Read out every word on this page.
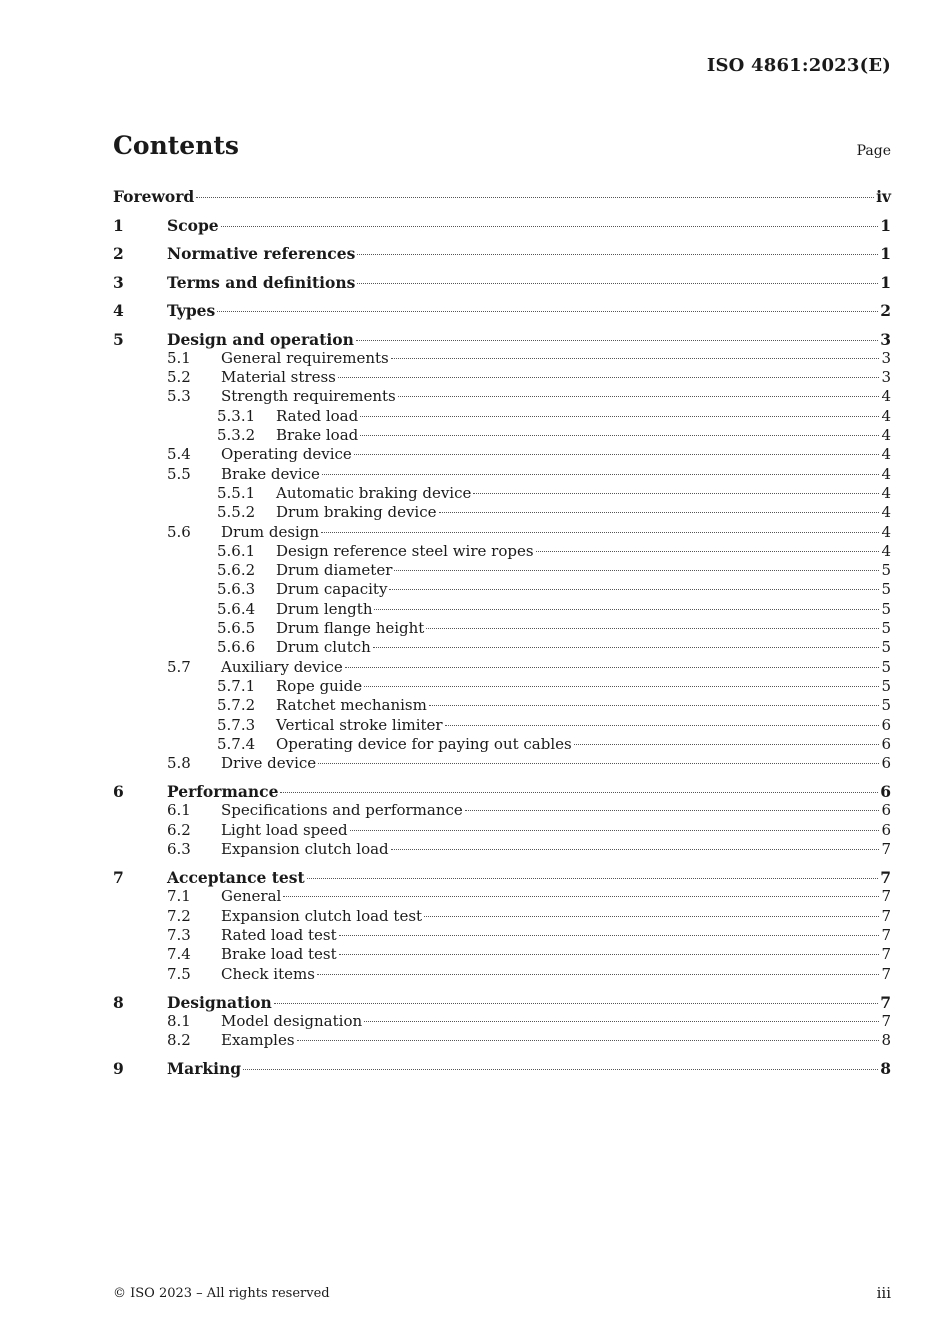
ISO 4861:2023(E)
Contents	Page
Foreword	iv
1	Scope	1
2	Normative references	1
3	Terms and definitions	1
4	Types	2
5	Design and operation	3
5.1 General requirements	3
5.2 Material stress	3
5.3 Strength requirements	4
5.3.1 Rated load	4
5.3.2 Brake load	4
5.4 Operating device	4
5.5 Brake device	4
5.5.1 Automatic braking device	4
5.5.2 Drum braking device	4
5.6 Drum design	4
5.6.1 Design reference steel wire ropes	4
5.6.2 Drum diameter	5
5.6.3 Drum capacity	5
5.6.4 Drum length	5
5.6.5 Drum flange height	5
5.6.6 Drum clutch	5
5.7 Auxiliary device	5
5.7.1 Rope guide	5
5.7.2 Ratchet mechanism	5
5.7.3 Vertical stroke limiter	6
5.7.4 Operating device for paying out cables	6
5.8 Drive device	6
6	Performance	6
6.1 Specifications and performance	6
6.2 Light load speed	6
6.3 Expansion clutch load	7
7	Acceptance test	7
7.1 General	7
7.2 Expansion clutch load test	7
7.3 Rated load test	7
7.4 Brake load test	7
7.5 Check items	7
8	Designation	7
8.1 Model designation	7
8.2 Examples	8
9	Marking	8
© ISO 2023 – All rights reserved	iii
